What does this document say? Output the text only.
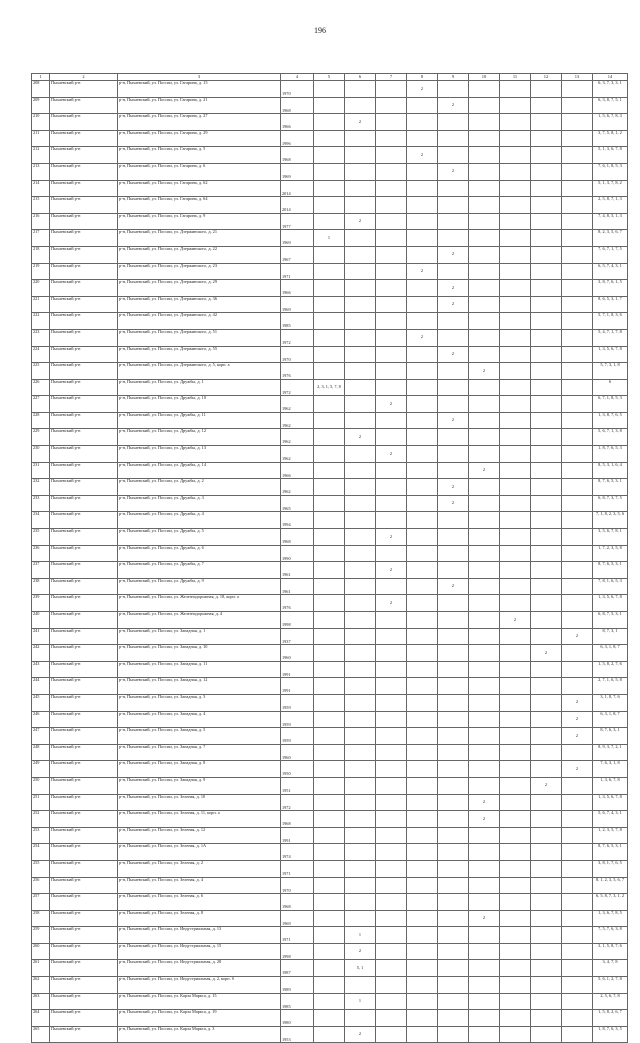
196
1	2	3	4	5	6	7	8	9	10	11	12	13	14
208	Пыхаевский р-н	р-н, Пыхаевский, ул. Поссии, ул. Гагарина, д. 15	1970				2						6, 3, 7, 3, 3, 1
209	Пыхаевский р-н	р-н, Пыхаевский, ул. Поссии, ул. Гагарина, д. 21	1968					2					6, 3, 8, 7, 5, 1
210	Пыхаевский р-н	р-н, Пыхаевский, ул. Поссии, ул. Гагарина, д. 27	1966		2								1, 5, 6, 7, 8, 3
211	Пыхаевский р-н	р-н, Пыхаевский, ул. Поссии, ул. Гагарина, д. 29	1996										3, 7, 5, 8, 1, 2
212	Пыхаевский р-н	р-н, Пыхаевский, ул. Поссии, ул. Гагарина, д. 5	1968				2						5, 1, 3, 6, 7, 8
213	Пыхаевский р-н	р-н, Пыхаевский, ул. Поссии, ул. Гагарина, д. 6	1969					2					7, 6, 1, 8, 5, 3
214	Пыхаевский р-н	р-н, Пыхаевский, ул. Поссии, ул. Гагарина, д. 62	2014										5, 1, 3, 7, 8, 2
215	Пыхаевский р-н	р-н, Пыхаевский, ул. Поссии, ул. Гагарина, д. 64	2014										2, 5, 8, 7, 1, 3
216	Пыхаевский р-н	р-н, Пыхаевский, ул. Поссии, ул. Гагарина, д. 9	1977		2								7, 4, 8, 5, 1, 3
217	Пыхаевский р-н	р-н, Пыхаевский, ул. Поссии, ул. Дзержинского, д. 21	1969	1									8, 2, 3, 5, 6, 7
218	Пыхаевский р-н	р-н, Пыхаевский, ул. Поссии, ул. Дзержинского, д. 22	1967					2					7, 6, 7, 1, 7, 5
219	Пыхаевский р-н	р-н, Пыхаевский, ул. Поссии, ул. Дзержинского, д. 23	1971				2						6, 5, 7, 4, 3, 1
220	Пыхаевский р-н	р-н, Пыхаевский, ул. Поссии, ул. Дзержинского, д. 29	1966					2					3, 8, 7, 6, 1, 5
221	Пыхаевский р-н	р-н, Пыхаевский, ул. Поссии, ул. Дзержинского, д. 36	1969					2					8, 6, 5, 3, 1, 7
222	Пыхаевский р-н	р-н, Пыхаевский, ул. Поссии, ул. Дзержинского, д. 42	1985										5, 7, 1, 8, 3, 6
223	Пыхаевский р-н	р-н, Пыхаевский, ул. Поссии, ул. Дзержинского, д. 51	1972				2						5, 4, 7, 1, 7, 8
224	Пыхаевский р-н	р-н, Пыхаевский, ул. Поссии, ул. Дзержинского, д. 55	1970					2					1, 3, 5, 6, 7, 8
225	Пыхаевский р-н	р-н, Пыхаевский, ул. Поссии, ул. Дзержинского, д. 5, корп. а	1976						2				5, 7, 3, 1, 8
226	Пыхаевский р-н	р-н, Пыхаевский, ул. Поссии, ул. Дружбы, д. 1	1972	2, 3, 1, 5, 7, 8									6
227	Пыхаевский р-н	р-н, Пыхаевский, ул. Поссии, ул. Дружбы, д. 10	1962			2							6, 7, 1, 8, 5, 3
228	Пыхаевский р-н	р-н, Пыхаевский, ул. Поссии, ул. Дружбы, д. 11	1962					2					1, 3, 8, 7, 6, 5
229	Пыхаевский р-н	р-н, Пыхаевский, ул. Поссии, ул. Дружбы, д. 12	1962		2								5, 6, 7, 1, 3, 8
230	Пыхаевский р-н	р-н, Пыхаевский, ул. Поссии, ул. Дружбы, д. 13	1962			2							1, 8, 7, 6, 5, 3
231	Пыхаевский р-н	р-н, Пыхаевский, ул. Поссии, ул. Дружбы, д. 14	1966						2				8, 5, 3, 1, 6, 4
232	Пыхаевский р-н	р-н, Пыхаевский, ул. Поссии, ул. Дружбы, д. 2	1962					2					8, 7, 6, 5, 3, 1
233	Пыхаевский р-н	р-н, Пыхаевский, ул. Поссии, ул. Дружбы, д. 3	1965					2					6, 8, 7, 3, 7, 5
234	Пыхаевский р-н	р-н, Пыхаевский, ул. Поссии, ул. Дружбы, д. 4	1994										7, 1, 8, 2, 3, 5, 6
235	Пыхаевский р-н	р-н, Пыхаевский, ул. Поссии, ул. Дружбы, д. 5	1968			2							3, 5, 6, 7, 8, 1
236	Пыхаевский р-н	р-н, Пыхаевский, ул. Поссии, ул. Дружбы, д. 6	1990										1, 7, 2, 3, 5, 8
237	Пыхаевский р-н	р-н, Пыхаевский, ул. Поссии, ул. Дружбы, д. 7	1961			2							8, 7, 6, 5, 3, 1
238	Пыхаевский р-н	р-н, Пыхаевский, ул. Поссии, ул. Дружбы, д. 9	1961					2					7, 8, 1, 6, 5, 3
239	Пыхаевский р-н	р-н, Пыхаевский, ул. Поссии, ул. Железнодорожная, д. 18, корп. а	1976			2							1, 3, 5, 6, 7, 8
240	Пыхаевский р-н	р-н, Пыхаевский, ул. Поссии, ул. Железнодорожная, д. 4	1998							2			6, 8, 7, 5, 3, 1
241	Пыхаевский р-н	р-н, Пыхаевский, ул. Поссии, ул. Западная, д. 1	1937									2	8, 7, 3, 1
242	Пыхаевский р-н	р-н, Пыхаевский, ул. Поссии, ул. Западная, д. 10	1960								2		6, 3, 1, 8, 7
243	Пыхаевский р-н	р-н, Пыхаевский, ул. Поссии, ул. Западная, д. 11	1991										1, 5, 8, 2, 7, 6
244	Пыхаевский р-н	р-н, Пыхаевский, ул. Поссии, ул. Западная, д. 12	1991										2, 7, 1, 6, 5, 8
245	Пыхаевский р-н	р-н, Пыхаевский, ул. Поссии, ул. Западная, д. 3	1959									2	3, 1, 8, 7, 6
246	Пыхаевский р-н	р-н, Пыхаевский, ул. Поссии, ул. Западная, д. 4	1959									2	6, 3, 1, 8, 7
247	Пыхаевский р-н	р-н, Пыхаевский, ул. Поссии, ул. Западная, д. 5	1959									2	8, 7, 6, 3, 1
248	Пыхаевский р-н	р-н, Пыхаевский, ул. Поссии, ул. Западная, д. 7	1960										8, 9, 3, 7, 2, 1
249	Пыхаевский р-н	р-н, Пыхаевский, ул. Поссии, ул. Западная, д. 8	1950									2	7, 6, 3, 1, 8
250	Пыхаевский р-н	р-н, Пыхаевский, ул. Поссии, ул. Западная, д. 9	1951								2		1, 3, 6, 7, 8
251	Пыхаевский р-н	р-н, Пыхаевский, ул. Поссии, ул. Зеленая, д. 10	1972						2				1, 3, 5, 6, 7, 8
252	Пыхаевский р-н	р-н, Пыхаевский, ул. Поссии, ул. Зеленая, д. 11, корп. а	1968						2				5, 6, 7, 4, 3, 1
253	Пыхаевский р-н	р-н, Пыхаевский, ул. Поссии, ул. Зеленая, д. 12	1991										1, 2, 3, 5, 7, 8
254	Пыхаевский р-н	р-н, Пыхаевский, ул. Поссии, ул. Зеленая, д. 1А	1974										8, 7, 6, 5, 3, 1
255	Пыхаевский р-н	р-н, Пыхаевский, ул. Поссии, ул. Зеленая, д. 2	1971										3, 8, 1, 7, 6, 5
256	Пыхаевский р-н	р-н, Пыхаевский, ул. Поссии, ул. Зеленая, д. 4	1970										8, 1, 2, 3, 5, 6, 7
257	Пыхаевский р-н	р-н, Пыхаевский, ул. Поссии, ул. Зеленая, д. 6	1968										6, 5, 8, 7, 3, 1, 2
258	Пыхаевский р-н	р-н, Пыхаевский, ул. Поссии, ул. Зеленая, д. 8	1969						2				1, 3, 6, 7, 8, 5
259	Пыхаевский р-н	р-н, Пыхаевский, ул. Поссии, ул. Индустриальная, д. 13	1971		1								7, 5, 7, 6, 3, 8
260	Пыхаевский р-н	р-н, Пыхаевский, ул. Поссии, ул. Индустриальная, д. 15	1998		2								3, 1, 5, 8, 7, 6
261	Пыхаевский р-н	р-н, Пыхаевский, ул. Поссии, ул. Индустриальная, д. 28	1987		5, 1								3, 4, 7, 8
262	Пыхаевский р-н	р-н, Пыхаевский, ул. Поссии, ул. Индустриальная, д. 2, корп. б	1989										5, 6, 1, 2, 7, 8
263	Пыхаевский р-н	р-н, Пыхаевский, ул. Поссии, ул. Карла Маркса, д. 15	1985		1								2, 5, 6, 7, 8
264	Пыхаевский р-н	р-н, Пыхаевский, ул. Поссии, ул. Карла Маркса, д. 19	1980										1, 5, 8, 2, 6, 7
265	Пыхаевский р-н	р-н, Пыхаевский, ул. Поссии, ул. Карла Маркса, д. 3	1953		2								1, 8, 7, 6, 3, 5
